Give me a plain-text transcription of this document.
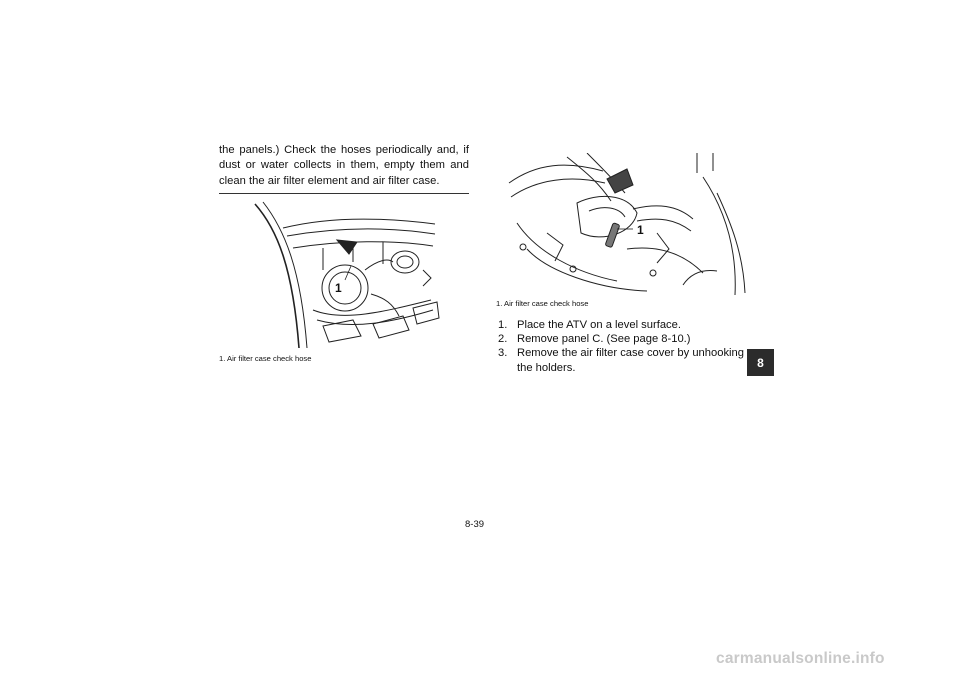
the panels.) Check the hoses periodically and, if dust or water collects in them, empty them and clean the air filter element and air filter case.

1
1. Air filter case check hose
1
1. Air filter case check hose
1. Place the ATV on a level surface.
2. Remove panel C. (See page 8-10.)
3. Remove the air filter case cover by unhooking the holders.	8
8-39
carmanualsonline.info
